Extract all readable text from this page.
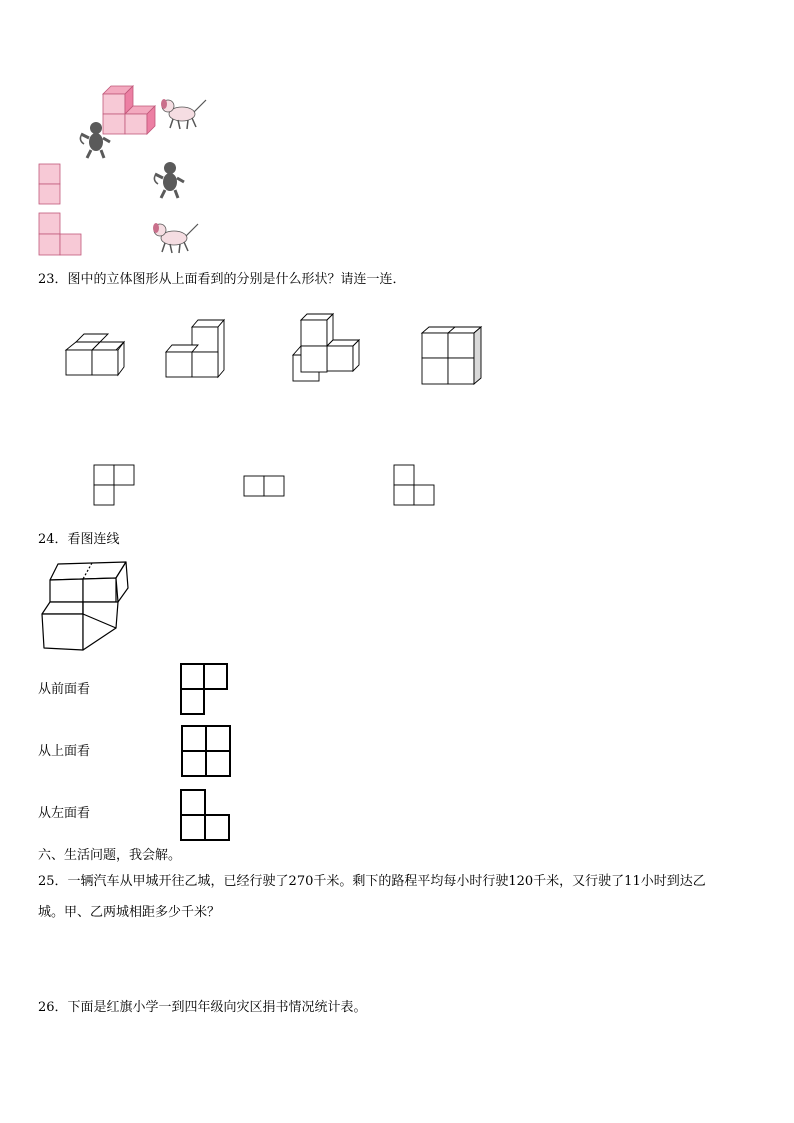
23．图中的立体图形从上面看到的分别是什么形状？请连一连．
24．看图连线
从前面看
从上面看
从左面看
六、生活问题，我会解。
25．一辆汽车从甲城开往乙城，已经行驶了270千米。剩下的路程平均每小时行驶120千米，又行驶了11小时到达乙
城。甲、乙两城相距多少千米？
26．下面是红旗小学一到四年级向灾区捐书情况统计表。
